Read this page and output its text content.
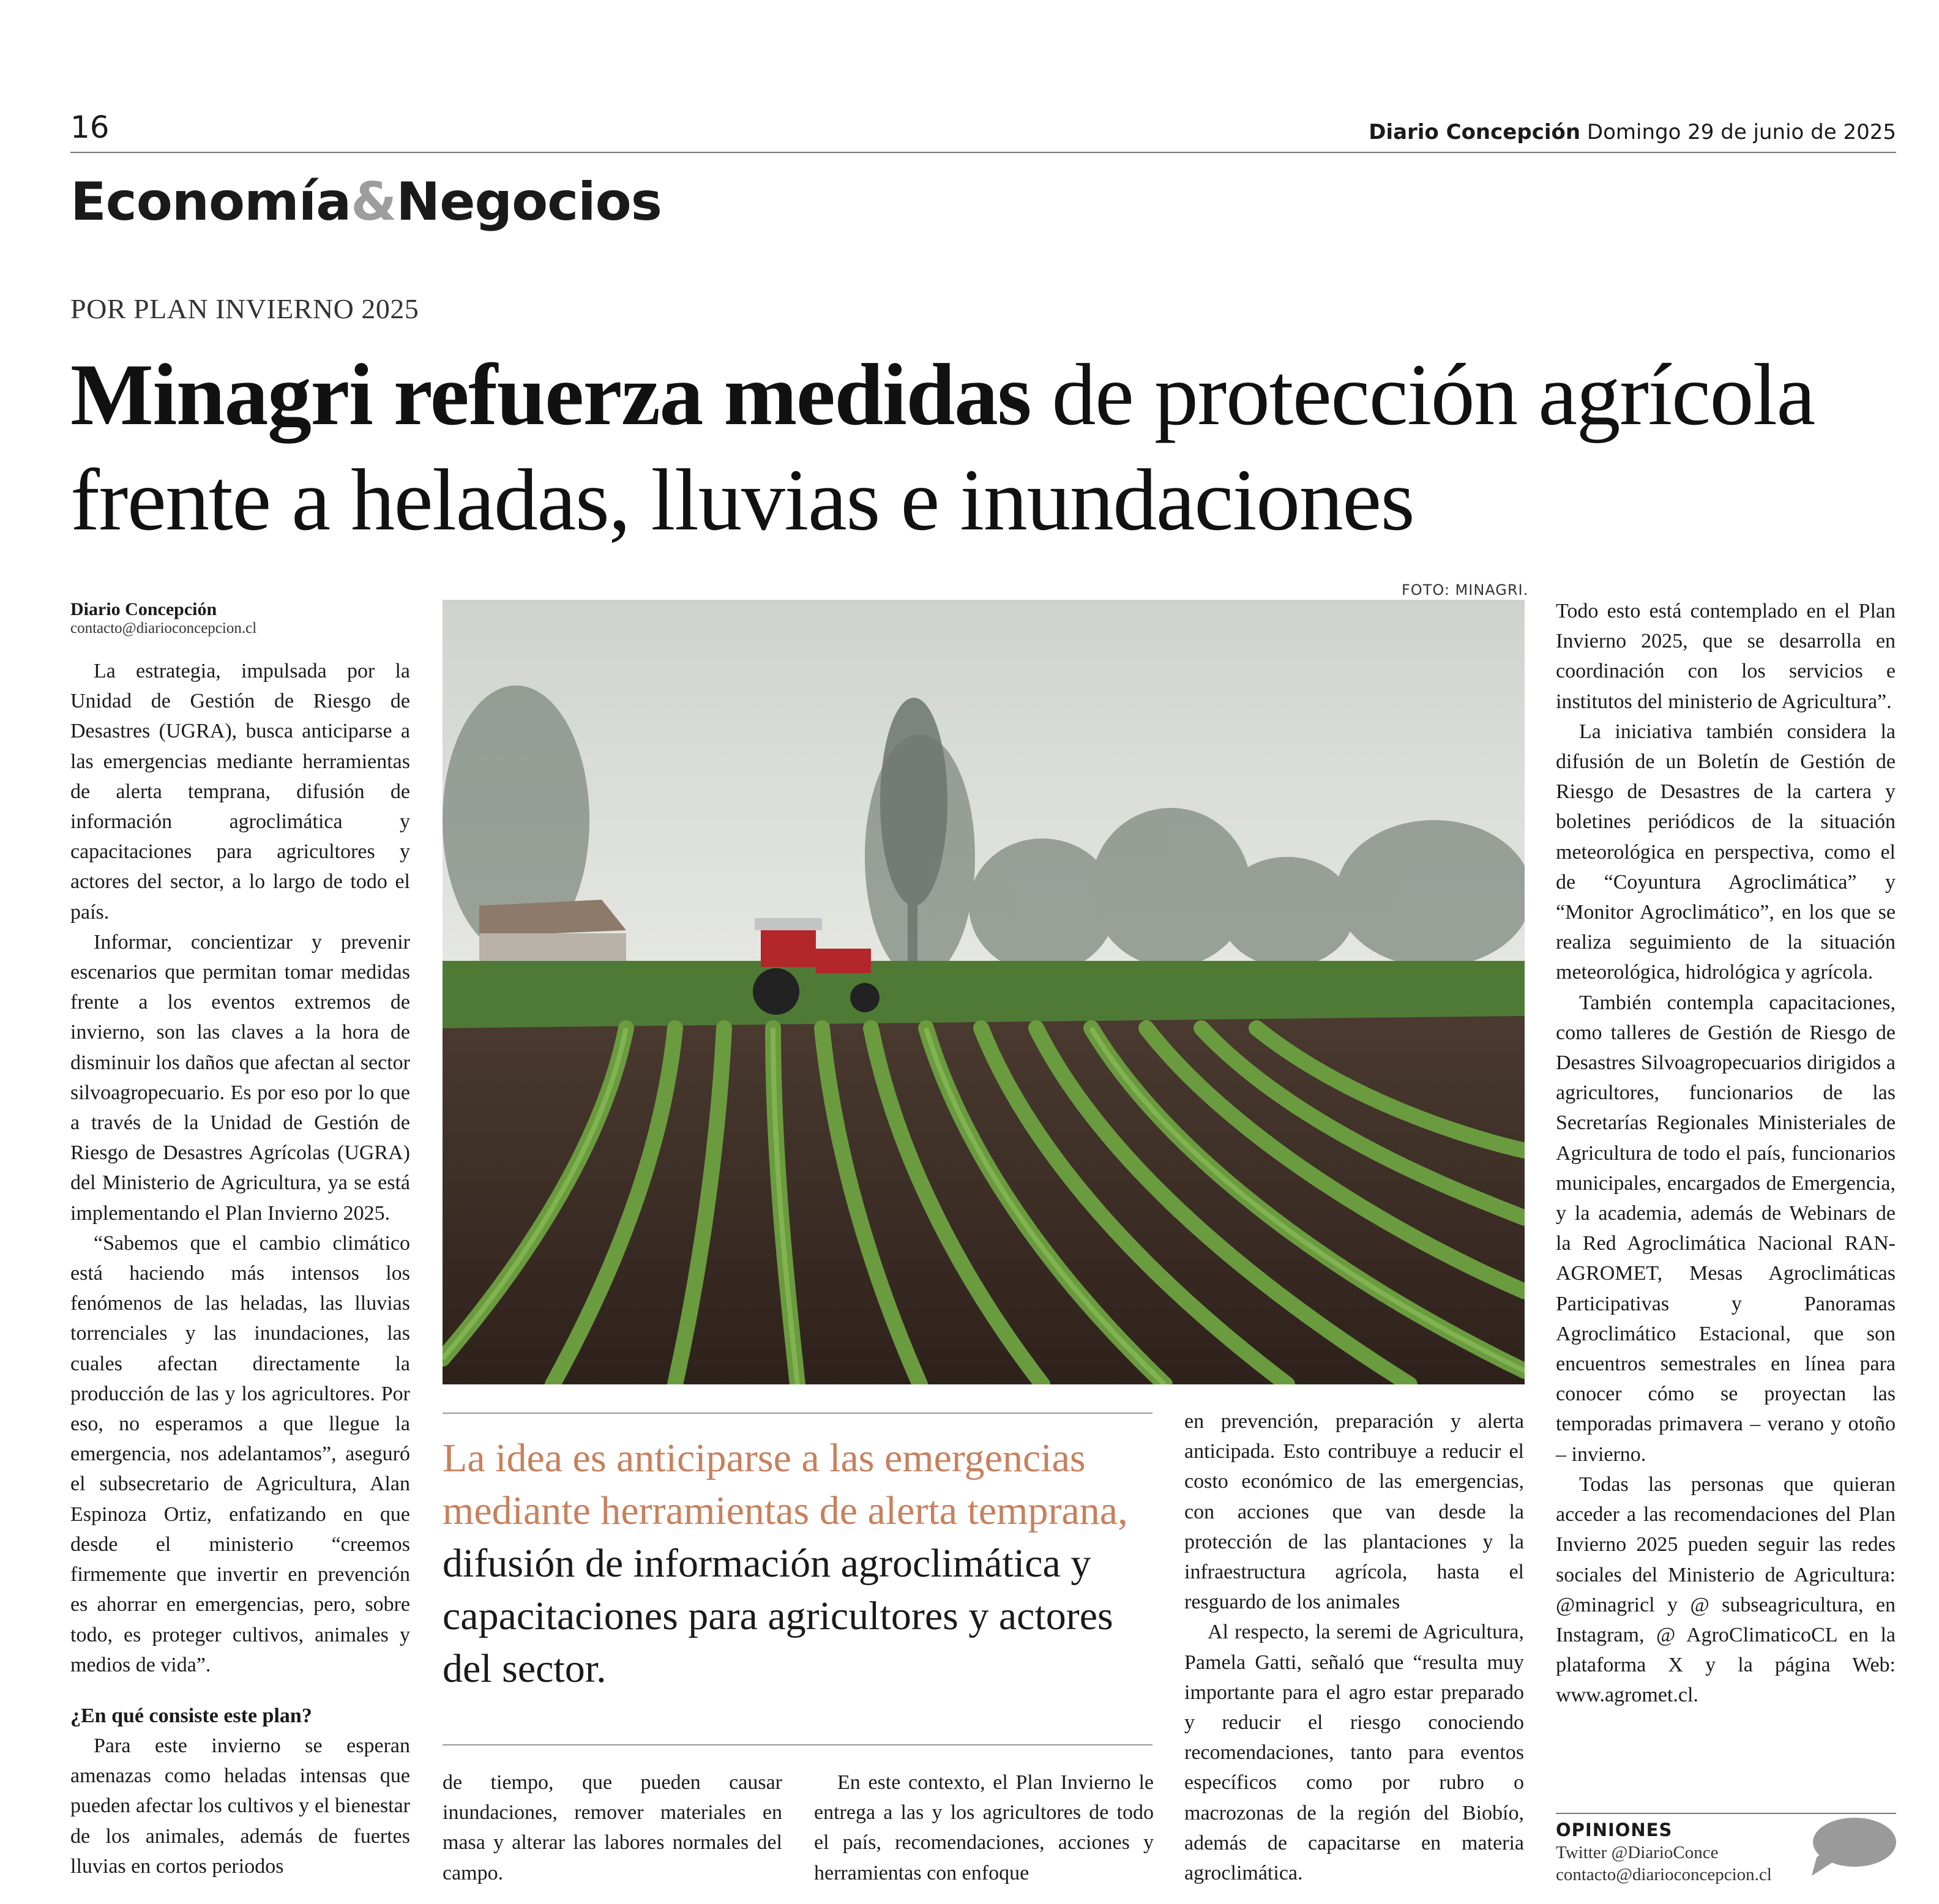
16	Diario Concepción Domingo 29 de junio de 2025
Economía&Negocios
POR PLAN INVIERNO 2025
Minagri refuerza medidas de protección agrícola frente a heladas, lluvias e inundaciones
FOTO: MINAGRI.
Diario Concepción
contacto@diarioconcepcion.cl

La estrategia, impulsada por la Unidad de Gestión de Riesgo de Desastres (UGRA), busca anticiparse a las emergencias mediante herramientas de alerta temprana, difusión de información agroclimática y capacitaciones para agricultores y actores del sector, a lo largo de todo el país.

Informar, concientizar y prevenir escenarios que permitan tomar medidas frente a los eventos extremos de invierno, son las claves a la hora de disminuir los daños que afectan al sector silvoagropecuario. Es por eso por lo que a través de la Unidad de Gestión de Riesgo de Desastres Agrícolas (UGRA) del Ministerio de Agricultura, ya se está implementando el Plan Invierno 2025.

“Sabemos que el cambio climático está haciendo más intensos los fenómenos de las heladas, las lluvias torrenciales y las inundaciones, las cuales afectan directamente la producción de las y los agricultores. Por eso, no esperamos a que llegue la emergencia, nos adelantamos”, aseguró el subsecretario de Agricultura, Alan Espinoza Ortiz, enfatizando en que desde el ministerio “creemos firmemente que invertir en prevención es ahorrar en emergencias, pero, sobre todo, es proteger cultivos, animales y medios de vida”.

¿En qué consiste este plan?

Para este invierno se esperan amenazas como heladas intensas que pueden afectar los cultivos y el bienestar de los animales, además de fuertes lluvias en cortos periodos

La idea es anticiparse a las emergencias mediante herramientas de alerta temprana, difusión de información agroclimática y capacitaciones para agricultores y actores del sector.

de tiempo, que pueden causar inundaciones, remover materiales en masa y alterar las labores normales del campo.

En este contexto, el Plan Invierno le entrega a las y los agricultores de todo el país, recomendaciones, acciones y herramientas con enfoque

en prevención, preparación y alerta anticipada. Esto contribuye a reducir el costo económico de las emergencias, con acciones que van desde la protección de las plantaciones y la infraestructura agrícola, hasta el resguardo de los animales

Al respecto, la seremi de Agricultura, Pamela Gatti, señaló que “resulta muy importante para el agro estar preparado y reducir el riesgo conociendo recomendaciones, tanto para eventos específicos como por rubro o macrozonas de la región del Biobío, además de capacitarse en materia agroclimática.

Todo esto está contemplado en el Plan Invierno 2025, que se desarrolla en coordinación con los servicios e institutos del ministerio de Agricultura”.

La iniciativa también considera la difusión de un Boletín de Gestión de Riesgo de Desastres de la cartera y boletines periódicos de la situación meteorológica en perspectiva, como el de “Coyuntura Agroclimática” y “Monitor Agroclimático”, en los que se realiza seguimiento de la situación meteorológica, hidrológica y agrícola.

También contempla capacitaciones, como talleres de Gestión de Riesgo de Desastres Silvoagropecuarios dirigidos a agricultores, funcionarios de las Secretarías Regionales Ministeriales de Agricultura de todo el país, funcionarios municipales, encargados de Emergencia, y la academia, además de Webinars de la Red Agroclimática Nacional RAN-AGROMET, Mesas Agroclimáticas Participativas y Panoramas Agroclimático Estacional, que son encuentros semestrales en línea para conocer cómo se proyectan las temporadas primavera – verano y otoño – invierno.

Todas las personas que quieran acceder a las recomendaciones del Plan Invierno 2025 pueden seguir las redes sociales del Ministerio de Agricultura: @minagricl y @ subseagricultura, en Instagram, @ AgroClimaticoCL en la plataforma X y la página Web: www.agromet.cl.

OPINIONES
Twitter @DiarioConce
contacto@diarioconcepcion.cl
